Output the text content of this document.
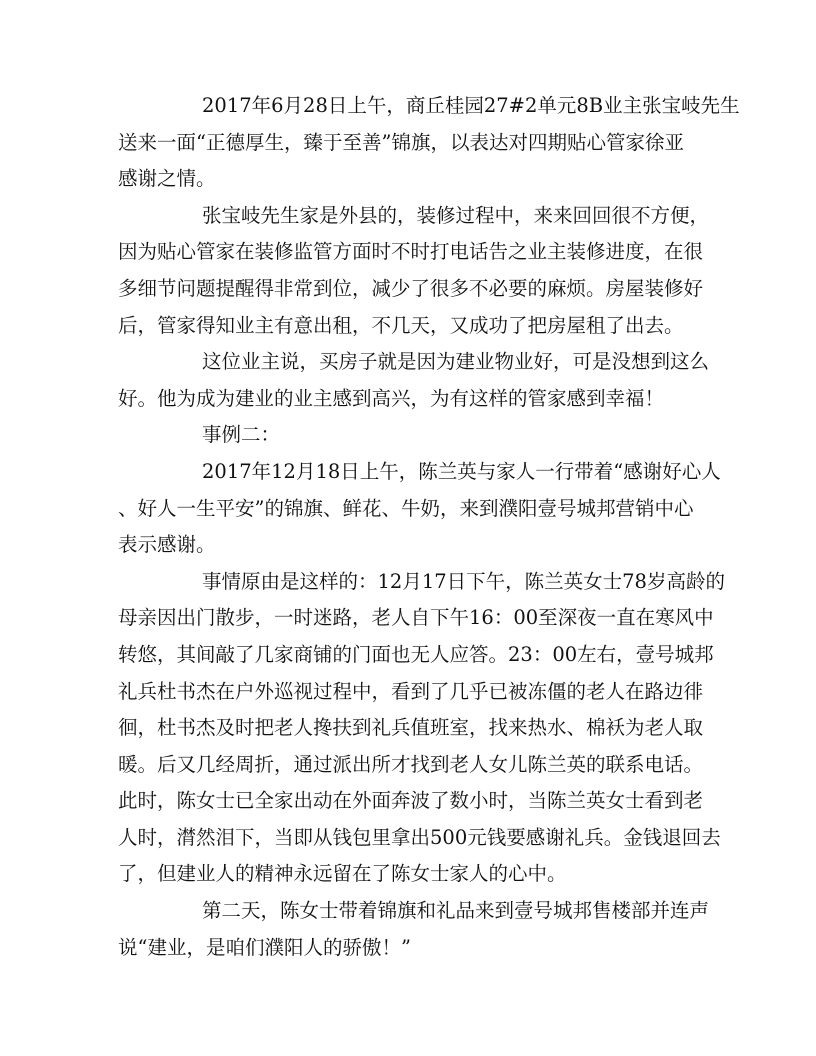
2017年6月28日上午，商丘桂园27#2单元8B业主张宝岐先生
送来一面“正德厚生，臻于至善”锦旗，以表达对四期贴心管家徐亚
感谢之情。
张宝岐先生家是外县的，装修过程中，来来回回很不方便，
因为贴心管家在装修监管方面时不时打电话告之业主装修进度，在很
多细节问题提醒得非常到位，减少了很多不必要的麻烦。房屋装修好
后，管家得知业主有意出租，不几天，又成功了把房屋租了出去。
这位业主说，买房子就是因为建业物业好，可是没想到这么
好。他为成为建业的业主感到高兴，为有这样的管家感到幸福！
事例二：
2017年12月18日上午，陈兰英与家人一行带着“感谢好心人
、好人一生平安”的锦旗、鲜花、牛奶，来到濮阳壹号城邦营销中心
表示感谢。
事情原由是这样的：12月17日下午，陈兰英女士78岁高龄的
母亲因出门散步，一时迷路，老人自下午16：00至深夜一直在寒风中
转悠，其间敲了几家商铺的门面也无人应答。23：00左右，壹号城邦
礼兵杜书杰在户外巡视过程中，看到了几乎已被冻僵的老人在路边徘
徊，杜书杰及时把老人搀扶到礼兵值班室，找来热水、棉袄为老人取
暖。后又几经周折，通过派出所才找到老人女儿陈兰英的联系电话。
此时，陈女士已全家出动在外面奔波了数小时，当陈兰英女士看到老
人时，潸然泪下，当即从钱包里拿出500元钱要感谢礼兵。金钱退回去
了，但建业人的精神永远留在了陈女士家人的心中。
第二天，陈女士带着锦旗和礼品来到壹号城邦售楼部并连声
说“建业，是咱们濮阳人的骄傲！”
